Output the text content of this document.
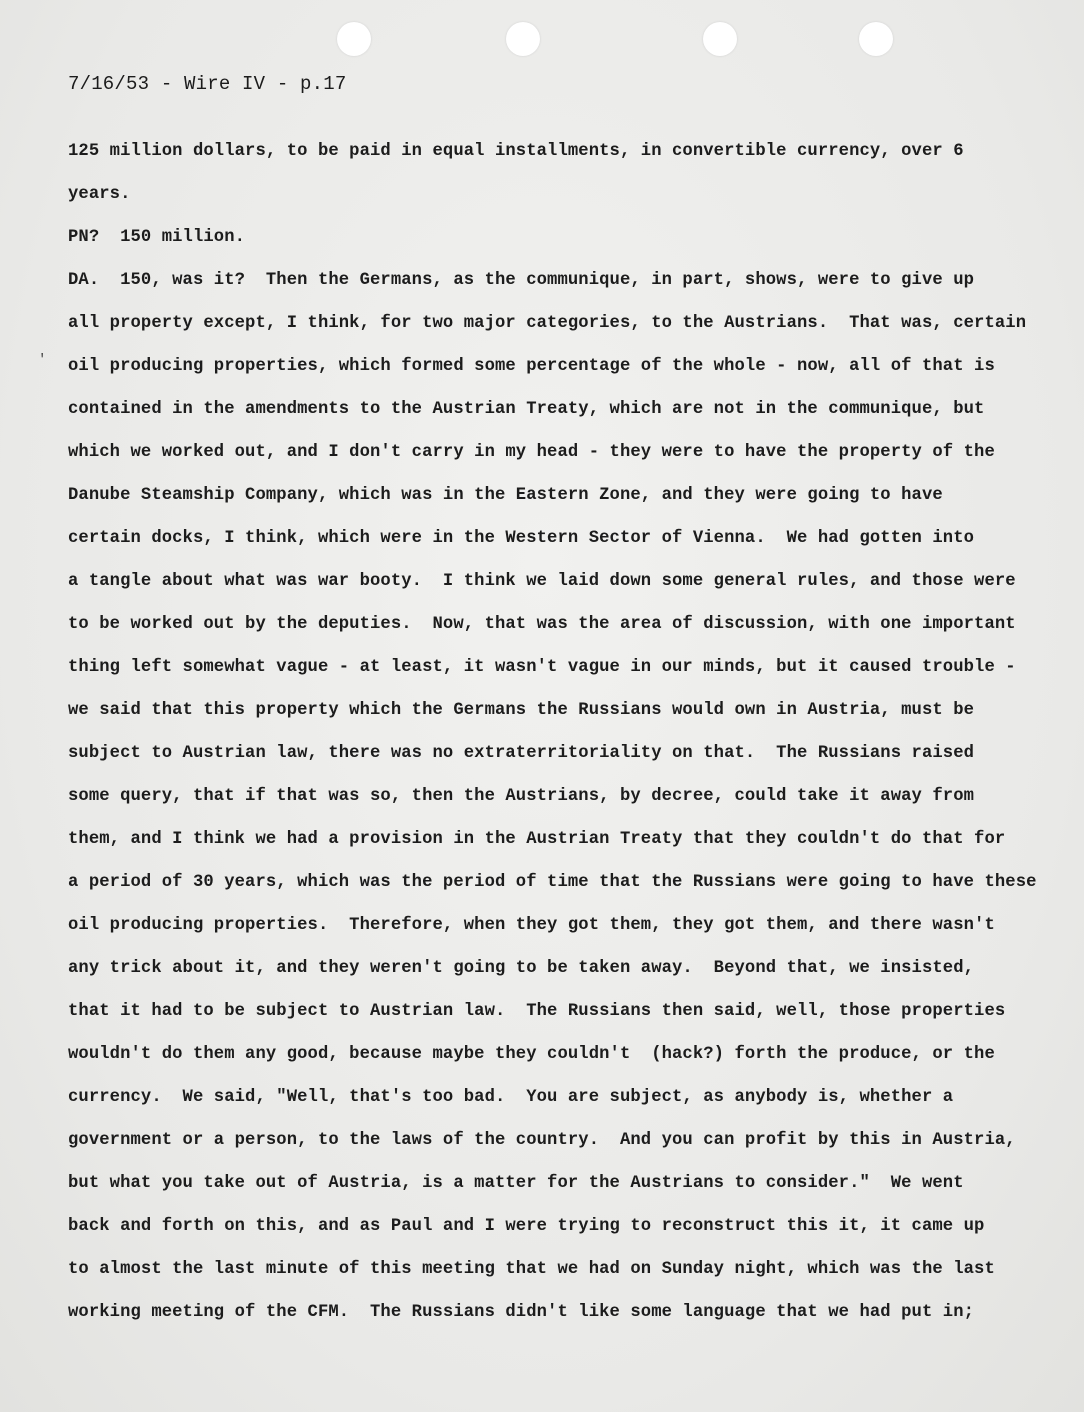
7/16/53 - Wire IV - p.17
'
125 million dollars, to be paid in equal installments, in convertible currency, over 6
years.
PN?  150 million.
DA.  150, was it?  Then the Germans, as the communique, in part, shows, were to give up
all property except, I think, for two major categories, to the Austrians.  That was, certain
oil producing properties, which formed some percentage of the whole - now, all of that is
contained in the amendments to the Austrian Treaty, which are not in the communique, but
which we worked out, and I don't carry in my head - they were to have the property of the
Danube Steamship Company, which was in the Eastern Zone, and they were going to have
certain docks, I think, which were in the Western Sector of Vienna.  We had gotten into
a tangle about what was war booty.  I think we laid down some general rules, and those were
to be worked out by the deputies.  Now, that was the area of discussion, with one important
thing left somewhat vague - at least, it wasn't vague in our minds, but it caused trouble -
we said that this property which the Germans the Russians would own in Austria, must be
subject to Austrian law, there was no extraterritoriality on that.  The Russians raised
some query, that if that was so, then the Austrians, by decree, could take it away from
them, and I think we had a provision in the Austrian Treaty that they couldn't do that for
a period of 30 years, which was the period of time that the Russians were going to have these
oil producing properties.  Therefore, when they got them, they got them, and there wasn't
any trick about it, and they weren't going to be taken away.  Beyond that, we insisted,
that it had to be subject to Austrian law.  The Russians then said, well, those properties
wouldn't do them any good, because maybe they couldn't  (hack?) forth the produce, or the
currency.  We said, "Well, that's too bad.  You are subject, as anybody is, whether a
government or a person, to the laws of the country.  And you can profit by this in Austria,
but what you take out of Austria, is a matter for the Austrians to consider."  We went
back and forth on this, and as Paul and I were trying to reconstruct this it, it came up
to almost the last minute of this meeting that we had on Sunday night, which was the last
working meeting of the CFM.  The Russians didn't like some language that we had put in;
